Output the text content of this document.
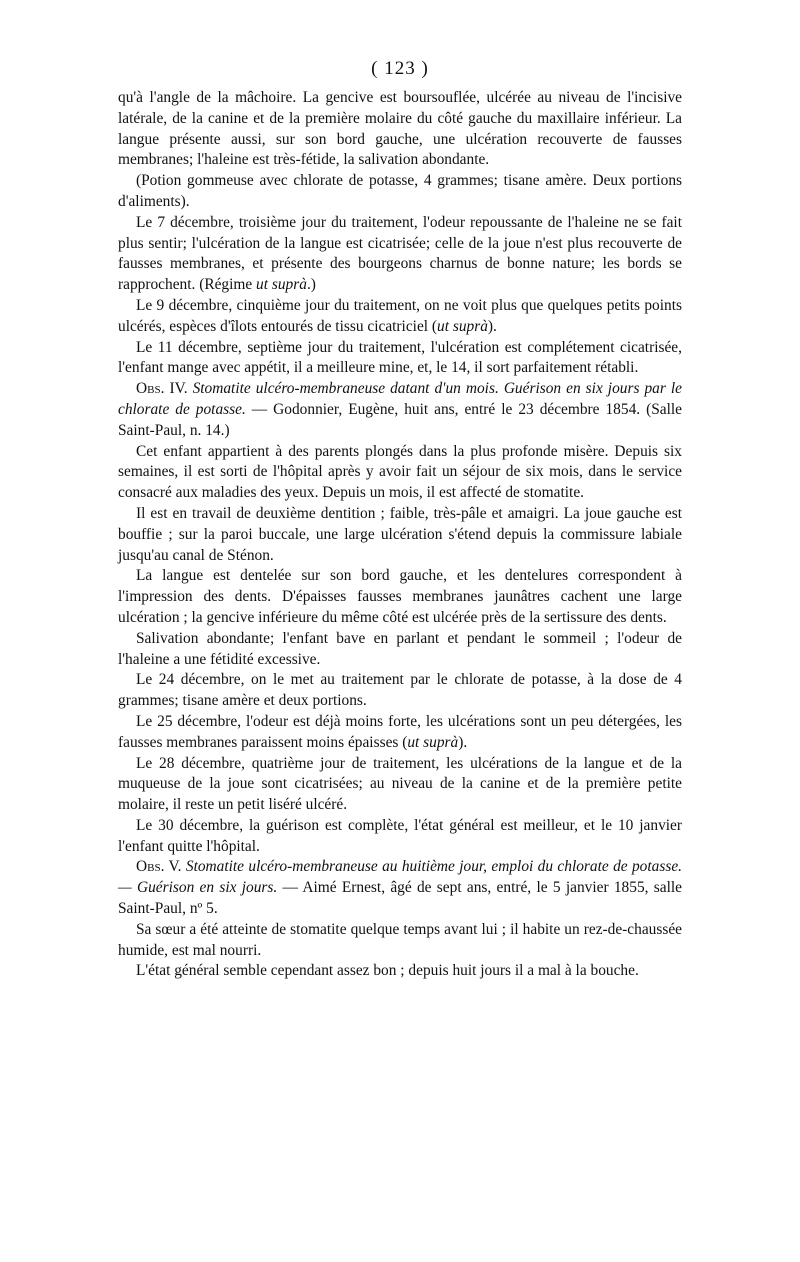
( 123 )

qu'à l'angle de la mâchoire. La gencive est boursouflée, ulcérée au niveau de l'incisive latérale, de la canine et de la première molaire du côté gauche du maxillaire inférieur. La langue présente aussi, sur son bord gauche, une ulcération recouverte de fausses membranes; l'haleine est très-fétide, la salivation abondante.

(Potion gommeuse avec chlorate de potasse, 4 grammes; tisane amère. Deux portions d'aliments).

Le 7 décembre, troisième jour du traitement, l'odeur repoussante de l'haleine ne se fait plus sentir; l'ulcération de la langue est cicatrisée; celle de la joue n'est plus recouverte de fausses membranes, et présente des bourgeons charnus de bonne nature; les bords se rapprochent. (Régime ut suprà.)

Le 9 décembre, cinquième jour du traitement, on ne voit plus que quelques petits points ulcérés, espèces d'îlots entourés de tissu cicatriciel (ut suprà).

Le 11 décembre, septième jour du traitement, l'ulcération est complétement cicatrisée, l'enfant mange avec appétit, il a meilleure mine, et, le 14, il sort parfaitement rétabli.

Obs. IV. Stomatite ulcéro-membraneuse datant d'un mois. Guérison en six jours par le chlorate de potasse. — Godonnier, Eugène, huit ans, entré le 23 décembre 1854. (Salle Saint-Paul, n. 14.)

Cet enfant appartient à des parents plongés dans la plus profonde misère. Depuis six semaines, il est sorti de l'hôpital après y avoir fait un séjour de six mois, dans le service consacré aux maladies des yeux. Depuis un mois, il est affecté de stomatite.

Il est en travail de deuxième dentition ; faible, très-pâle et amaigri. La joue gauche est bouffie ; sur la paroi buccale, une large ulcération s'étend depuis la commissure labiale jusqu'au canal de Sténon.

La langue est dentelée sur son bord gauche, et les dentelures correspondent à l'impression des dents. D'épaisses fausses membranes jaunâtres cachent une large ulcération ; la gencive inférieure du même côté est ulcérée près de la sertissure des dents.

Salivation abondante; l'enfant bave en parlant et pendant le sommeil ; l'odeur de l'haleine a une fétidité excessive.

Le 24 décembre, on le met au traitement par le chlorate de potasse, à la dose de 4 grammes; tisane amère et deux portions.

Le 25 décembre, l'odeur est déjà moins forte, les ulcérations sont un peu détergées, les fausses membranes paraissent moins épaisses (ut suprà).

Le 28 décembre, quatrième jour de traitement, les ulcérations de la langue et de la muqueuse de la joue sont cicatrisées; au niveau de la canine et de la première petite molaire, il reste un petit liséré ulcéré.

Le 30 décembre, la guérison est complète, l'état général est meilleur, et le 10 janvier l'enfant quitte l'hôpital.

Obs. V. Stomatite ulcéro-membraneuse au huitième jour, emploi du chlorate de potasse.— Guérison en six jours. — Aimé Ernest, âgé de sept ans, entré, le 5 janvier 1855, salle Saint-Paul, nº 5.

Sa sœur a été atteinte de stomatite quelque temps avant lui ; il habite un rez-de-chaussée humide, est mal nourri.

L'état général semble cependant assez bon ; depuis huit jours il a mal à la bouche.
